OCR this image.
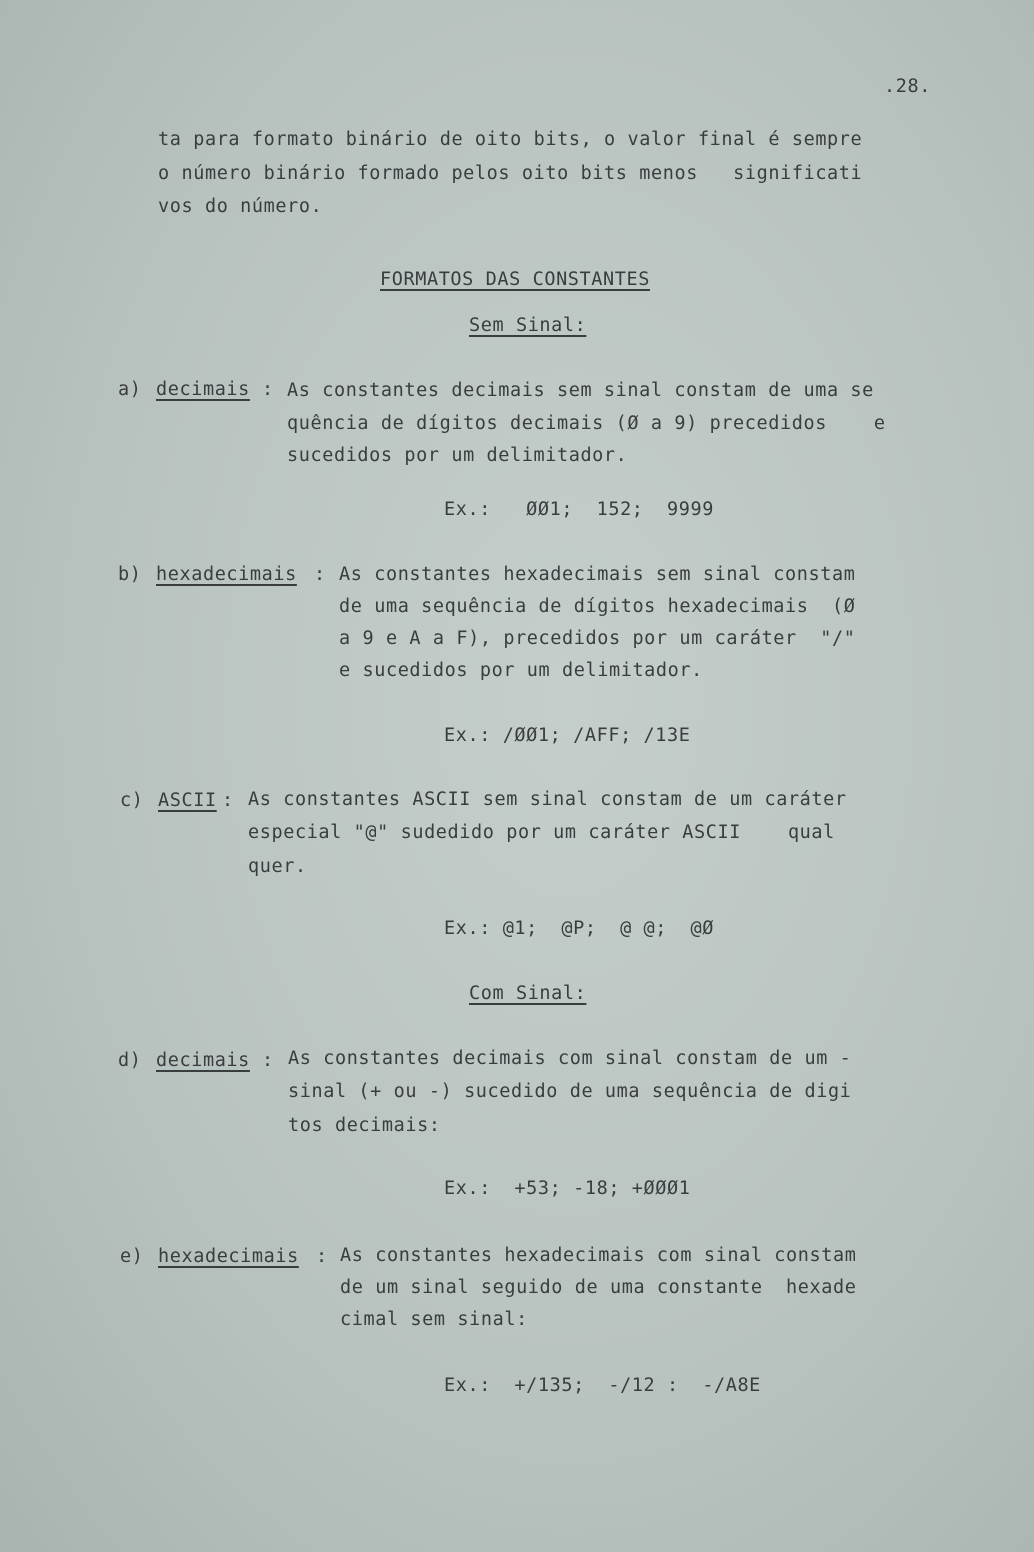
.28.
ta para formato binário de oito bits, o valor final é sempre
o número binário formado pelos oito bits menos   significati
vos do número.
FORMATOS DAS CONSTANTES
Sem Sinal:
a) decimais : As constantes decimais sem sinal constam de uma se
quência de dígitos decimais (Ø a 9) precedidos    e
sucedidos por um delimitador.
Ex.:   ØØ1;  152;  9999
b) hexadecimais : As constantes hexadecimais sem sinal constam
de uma sequência de dígitos hexadecimais  (Ø
a 9 e A a F), precedidos por um caráter  "/"
e sucedidos por um delimitador.
Ex.: /ØØ1; /AFF; /13E
c) ASCII : As constantes ASCII sem sinal constam de um caráter
especial "@" sudedido por um caráter ASCII    qual
quer.
Ex.: @1;  @P;  @ @;  @Ø
Com Sinal:
d) decimais : As constantes decimais com sinal constam de um -
sinal (+ ou -) sucedido de uma sequência de digi
tos decimais:
Ex.:  +53; -18; +ØØØ1
e) hexadecimais : As constantes hexadecimais com sinal constam
de um sinal seguido de uma constante  hexade
cimal sem sinal:
Ex.:  +/135;  -/12 :  -/A8E
